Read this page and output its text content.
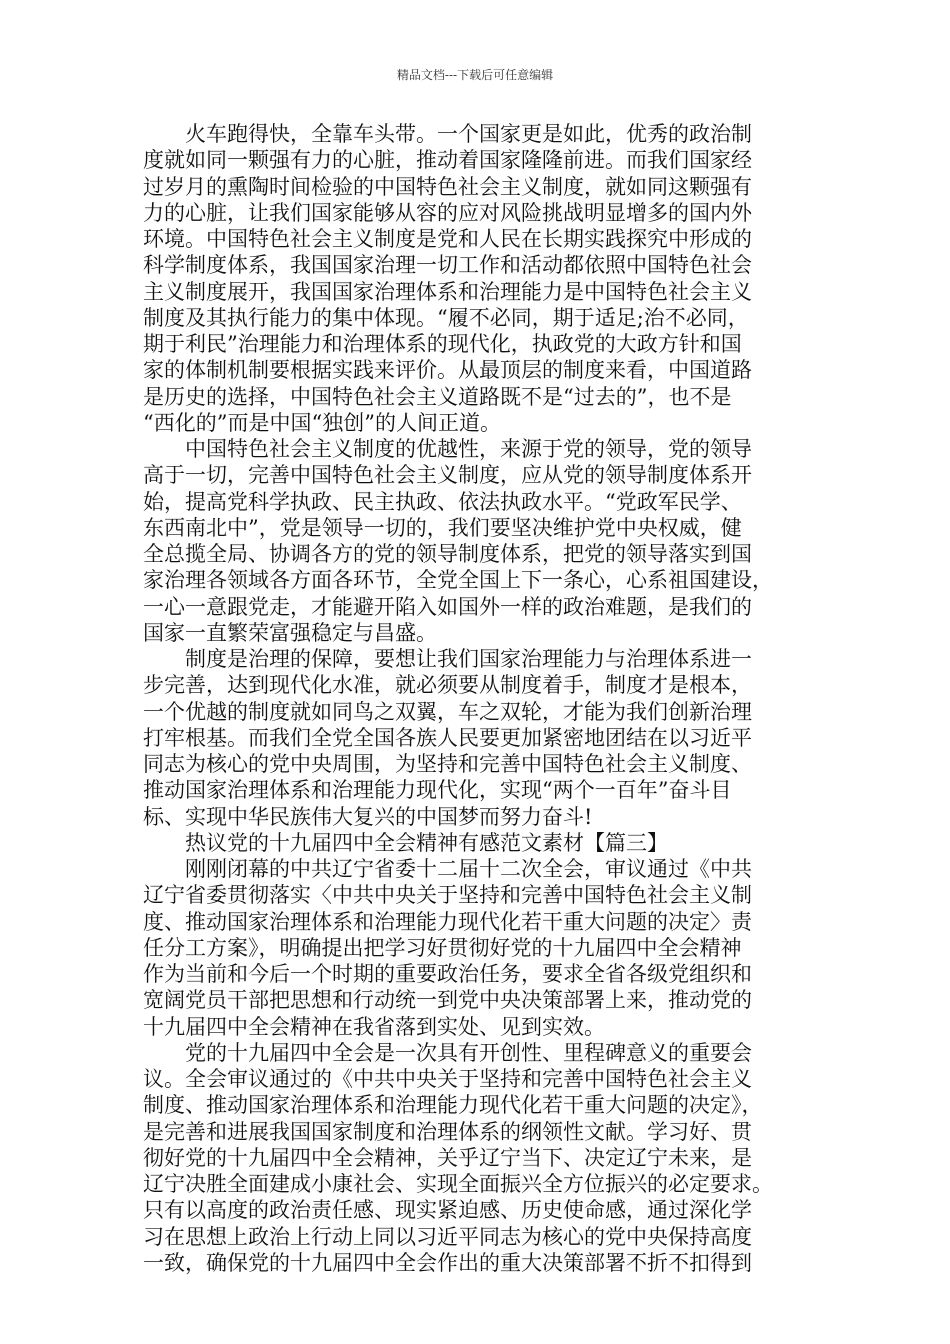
精品文档---下载后可任意编辑
火车跑得快，全靠车头带。一个国家更是如此，优秀的政治制
度就如同一颗强有力的心脏，推动着国家隆隆前进。而我们国家经
过岁月的熏陶时间检验的中国特色社会主义制度，就如同这颗强有
力的心脏，让我们国家能够从容的应对风险挑战明显增多的国内外
环境。中国特色社会主义制度是党和人民在长期实践探究中形成的
科学制度体系，我国国家治理一切工作和活动都依照中国特色社会
主义制度展开，我国国家治理体系和治理能力是中国特色社会主义
制度及其执行能力的集中体现。“履不必同，期于适足;治不必同，
期于利民”治理能力和治理体系的现代化，执政党的大政方针和国
家的体制机制要根据实践来评价。从最顶层的制度来看，中国道路
是历史的选择，中国特色社会主义道路既不是“过去的”，也不是
“西化的”而是中国“独创”的人间正道。
中国特色社会主义制度的优越性，来源于党的领导，党的领导
高于一切，完善中国特色社会主义制度，应从党的领导制度体系开
始，提高党科学执政、民主执政、依法执政水平。“党政军民学、
东西南北中”，党是领导一切的，我们要坚决维护党中央权威，健
全总揽全局、协调各方的党的领导制度体系，把党的领导落实到国
家治理各领域各方面各环节，全党全国上下一条心，心系祖国建设，
一心一意跟党走，才能避开陷入如国外一样的政治难题，是我们的
国家一直繁荣富强稳定与昌盛。
制度是治理的保障，要想让我们国家治理能力与治理体系进一
步完善，达到现代化水准，就必须要从制度着手，制度才是根本，
一个优越的制度就如同鸟之双翼，车之双轮，才能为我们创新治理
打牢根基。而我们全党全国各族人民要更加紧密地团结在以习近平
同志为核心的党中央周围，为坚持和完善中国特色社会主义制度、
推动国家治理体系和治理能力现代化，实现“两个一百年”奋斗目
标、实现中华民族伟大复兴的中国梦而努力奋斗!
热议党的十九届四中全会精神有感范文素材【篇三】
刚刚闭幕的中共辽宁省委十二届十二次全会，审议通过《中共
辽宁省委贯彻落实〈中共中央关于坚持和完善中国特色社会主义制
度、推动国家治理体系和治理能力现代化若干重大问题的决定〉责
任分工方案》，明确提出把学习好贯彻好党的十九届四中全会精神
作为当前和今后一个时期的重要政治任务，要求全省各级党组织和
宽阔党员干部把思想和行动统一到党中央决策部署上来，推动党的
十九届四中全会精神在我省落到实处、见到实效。
党的十九届四中全会是一次具有开创性、里程碑意义的重要会
议。全会审议通过的《中共中央关于坚持和完善中国特色社会主义
制度、推动国家治理体系和治理能力现代化若干重大问题的决定》，
是完善和进展我国国家制度和治理体系的纲领性文献。学习好、贯
彻好党的十九届四中全会精神，关乎辽宁当下、决定辽宁未来，是
辽宁决胜全面建成小康社会、实现全面振兴全方位振兴的必定要求。
只有以高度的政治责任感、现实紧迫感、历史使命感，通过深化学
习在思想上政治上行动上同以习近平同志为核心的党中央保持高度
一致，确保党的十九届四中全会作出的重大决策部署不折不扣得到
